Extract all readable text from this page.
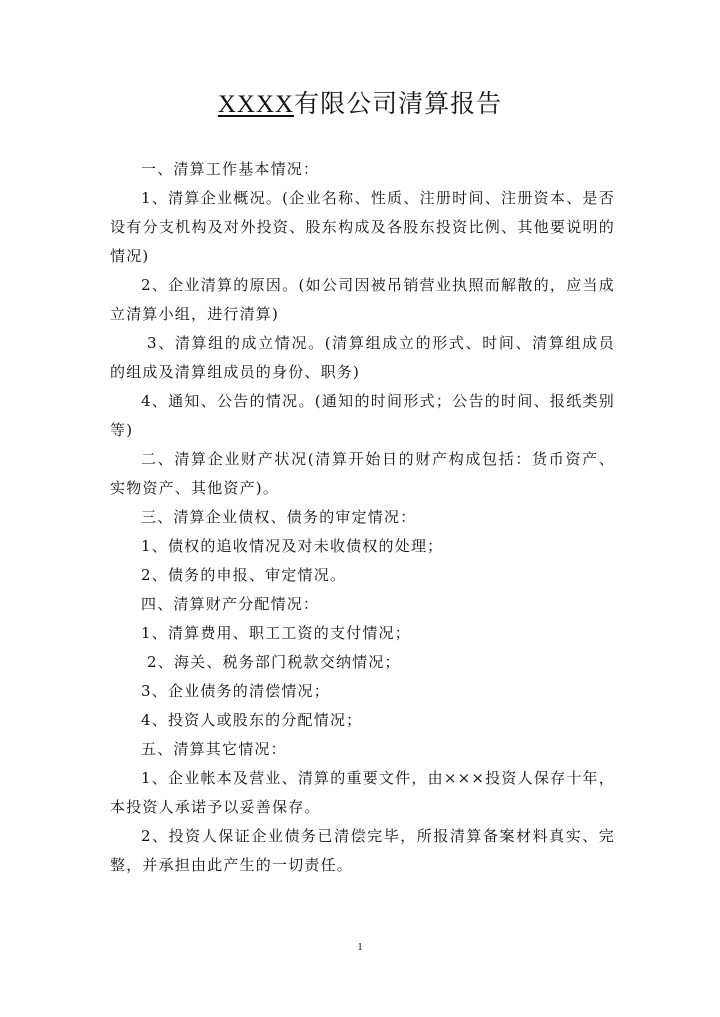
XXXX有限公司清算报告

一、清算工作基本情况：

1、清算企业概况。(企业名称、性质、注册时间、注册资本、是否设有分支机构及对外投资、股东构成及各股东投资比例、其他要说明的情况)

2、企业清算的原因。(如公司因被吊销营业执照而解散的，应当成立清算小组，进行清算)

3、清算组的成立情况。(清算组成立的形式、时间、清算组成员的组成及清算组成员的身份、职务)

4、通知、公告的情况。(通知的时间形式；公告的时间、报纸类别等)

二、清算企业财产状况(清算开始日的财产构成包括：货币资产、实物资产、其他资产)。

三、清算企业债权、债务的审定情况：

1、债权的追收情况及对未收债权的处理；

2、债务的申报、审定情况。

四、清算财产分配情况：

1、清算费用、职工工资的支付情况；

2、海关、税务部门税款交纳情况；

3、企业债务的清偿情况；

4、投资人或股东的分配情况；

五、清算其它情况：

1、企业帐本及营业、清算的重要文件，由×××投资人保存十年，本投资人承诺予以妥善保存。

2、投资人保证企业债务已清偿完毕，所报清算备案材料真实、完整，并承担由此产生的一切责任。

1
